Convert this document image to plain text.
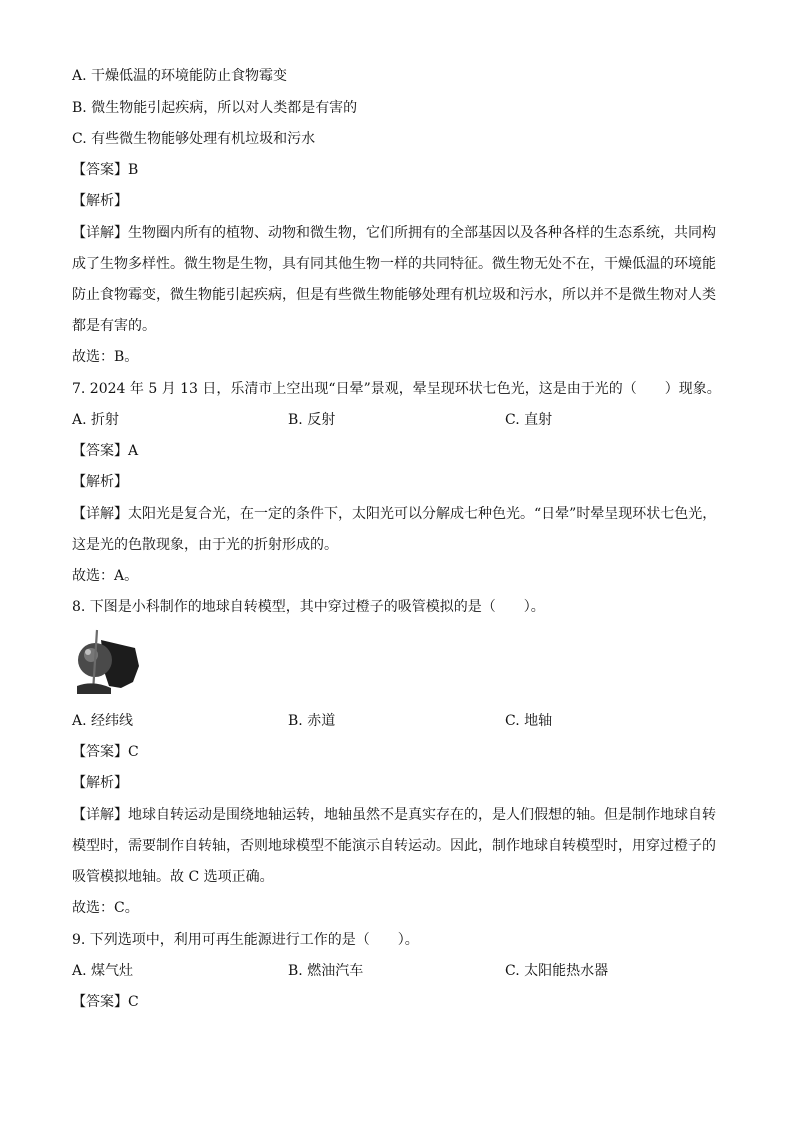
A. 干燥低温的环境能防止食物霉变
B. 微生物能引起疾病，所以对人类都是有害的
C. 有些微生物能够处理有机垃圾和污水
【答案】B
【解析】
【详解】生物圈内所有的植物、动物和微生物，它们所拥有的全部基因以及各种各样的生态系统，共同构
成了生物多样性。微生物是生物，具有同其他生物一样的共同特征。微生物无处不在，干燥低温的环境能
防止食物霉变，微生物能引起疾病，但是有些微生物能够处理有机垃圾和污水，所以并不是微生物对人类
都是有害的。
故选：B。
7. 2024 年 5 月 13 日，乐清市上空出现“日晕”景观，晕呈现环状七色光，这是由于光的（　　）现象。
A. 折射	B. 反射	C. 直射
【答案】A
【解析】
【详解】太阳光是复合光，在一定的条件下，太阳光可以分解成七种色光。“日晕”时晕呈现环状七色光，
这是光的色散现象，由于光的折射形成的。
故选：A。
8. 下图是小科制作的地球自转模型，其中穿过橙子的吸管模拟的是（　　）。
A. 经纬线	B. 赤道	C. 地轴
【答案】C
【解析】
【详解】地球自转运动是围绕地轴运转，地轴虽然不是真实存在的，是人们假想的轴。但是制作地球自转
模型时，需要制作自转轴，否则地球模型不能演示自转运动。因此，制作地球自转模型时，用穿过橙子的
吸管模拟地轴。故 C 选项正确。
故选：C。
9. 下列选项中，利用可再生能源进行工作的是（　　）。
A. 煤气灶	B. 燃油汽车	C. 太阳能热水器
【答案】C
